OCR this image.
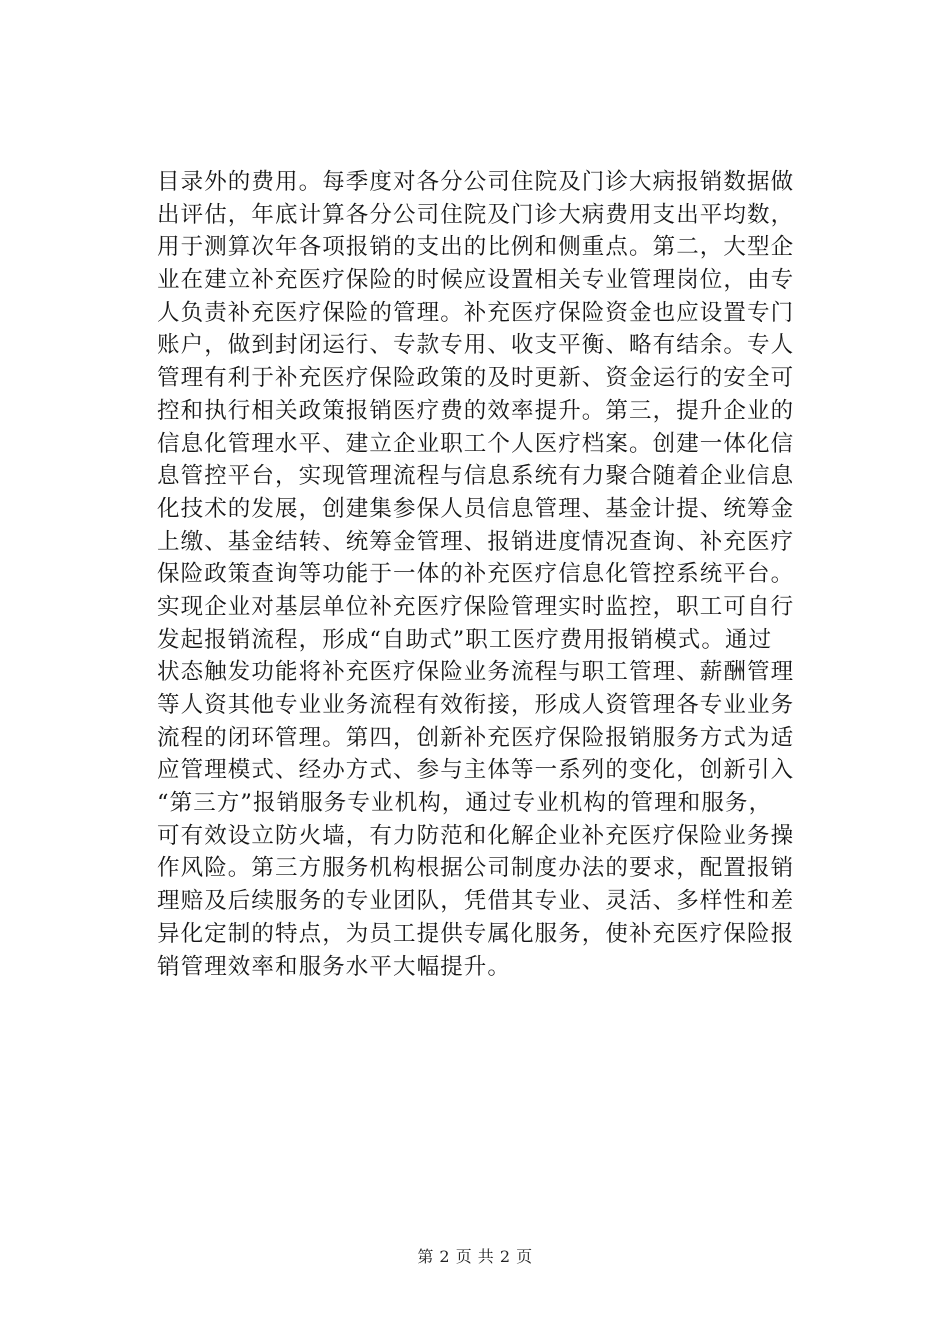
目录外的费用。每季度对各分公司住院及门诊大病报销数据做
出评估，年底计算各分公司住院及门诊大病费用支出平均数，
用于测算次年各项报销的支出的比例和侧重点。第二，大型企
业在建立补充医疗保险的时候应设置相关专业管理岗位，由专
人负责补充医疗保险的管理。补充医疗保险资金也应设置专门
账户，做到封闭运行、专款专用、收支平衡、略有结余。专人
管理有利于补充医疗保险政策的及时更新、资金运行的安全可
控和执行相关政策报销医疗费的效率提升。第三，提升企业的
信息化管理水平、建立企业职工个人医疗档案。创建一体化信
息管控平台，实现管理流程与信息系统有力聚合随着企业信息
化技术的发展，创建集参保人员信息管理、基金计提、统筹金
上缴、基金结转、统筹金管理、报销进度情况查询、补充医疗
保险政策查询等功能于一体的补充医疗信息化管控系统平台。
实现企业对基层单位补充医疗保险管理实时监控，职工可自行
发起报销流程，形成“自助式”职工医疗费用报销模式。通过
状态触发功能将补充医疗保险业务流程与职工管理、薪酬管理
等人资其他专业业务流程有效衔接，形成人资管理各专业业务
流程的闭环管理。第四，创新补充医疗保险报销服务方式为适
应管理模式、经办方式、参与主体等一系列的变化，创新引入
“第三方”报销服务专业机构，通过专业机构的管理和服务，
可有效设立防火墙，有力防范和化解企业补充医疗保险业务操
作风险。第三方服务机构根据公司制度办法的要求，配置报销
理赔及后续服务的专业团队，凭借其专业、灵活、多样性和差
异化定制的特点，为员工提供专属化服务，使补充医疗保险报
销管理效率和服务水平大幅提升。
第 2 页 共 2 页
